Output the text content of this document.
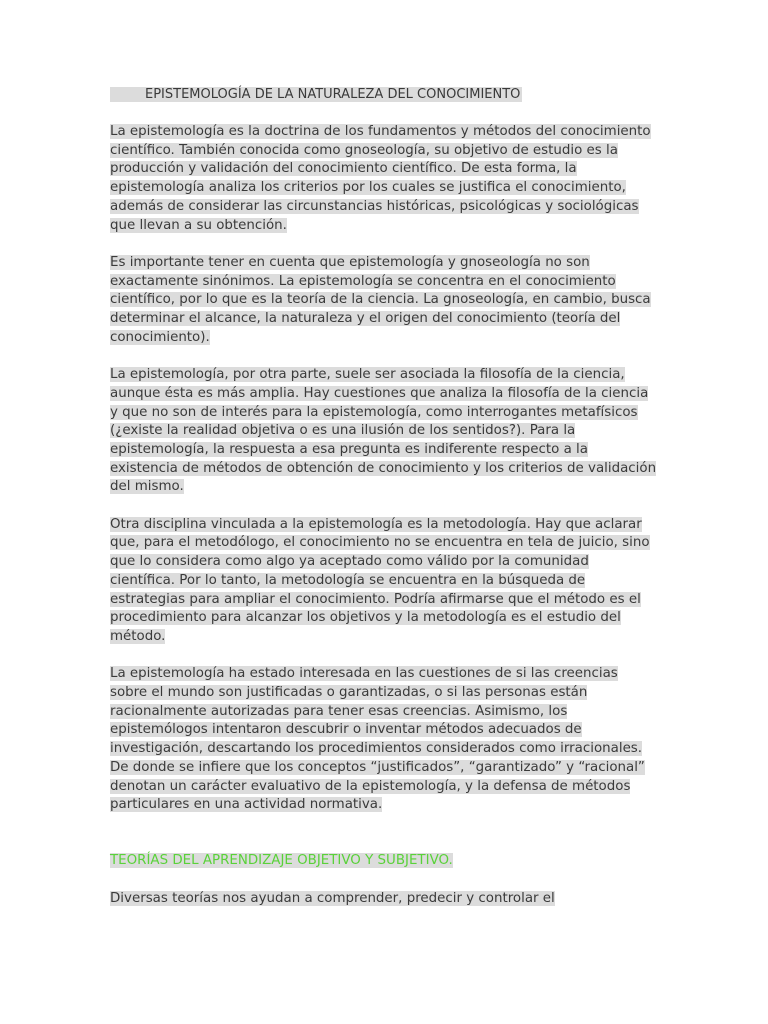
EPISTEMOLOGÍA DE LA NATURALEZA DEL CONOCIMIENTO

La epistemología es la doctrina de los fundamentos y métodos del conocimiento científico. También conocida como gnoseología, su objetivo de estudio es la producción y validación del conocimiento científico. De esta forma, la epistemología analiza los criterios por los cuales se justifica el conocimiento, además de considerar las circunstancias históricas, psicológicas y sociológicas que llevan a su obtención.

Es importante tener en cuenta que epistemología y gnoseología no son exactamente sinónimos. La epistemología se concentra en el conocimiento científico, por lo que es la teoría de la ciencia. La gnoseología, en cambio, busca determinar el alcance, la naturaleza y el origen del conocimiento (teoría del conocimiento).

La epistemología, por otra parte, suele ser asociada la filosofía de la ciencia, aunque ésta es más amplia. Hay cuestiones que analiza la filosofía de la ciencia y que no son de interés para la epistemología, como interrogantes metafísicos (¿existe la realidad objetiva o es una ilusión de los sentidos?). Para la epistemología, la respuesta a esa pregunta es indiferente respecto a la existencia de métodos de obtención de conocimiento y los criterios de validación del mismo.

Otra disciplina vinculada a la epistemología es la metodología. Hay que aclarar que, para el metodólogo, el conocimiento no se encuentra en tela de juicio, sino que lo considera como algo ya aceptado como válido por la comunidad científica. Por lo tanto, la metodología se encuentra en la búsqueda de estrategias para ampliar el conocimiento. Podría afirmarse que el método es el procedimiento para alcanzar los objetivos y la metodología es el estudio del método.

La epistemología ha estado interesada en las cuestiones de si las creencias sobre el mundo son justificadas o garantizadas, o si las personas están racionalmente autorizadas para tener esas creencias. Asimismo, los epistemólogos intentaron descubrir o inventar métodos adecuados de investigación, descartando los procedimientos considerados como irracionales. De donde se infiere que los conceptos “justificados”, “garantizado” y “racional” denotan un carácter evaluativo de la epistemología, y la defensa de métodos particulares en una actividad normativa.

TEORÍAS DEL APRENDIZAJE OBJETIVO Y SUBJETIVO.

Diversas teorías nos ayudan a comprender, predecir y controlar el
